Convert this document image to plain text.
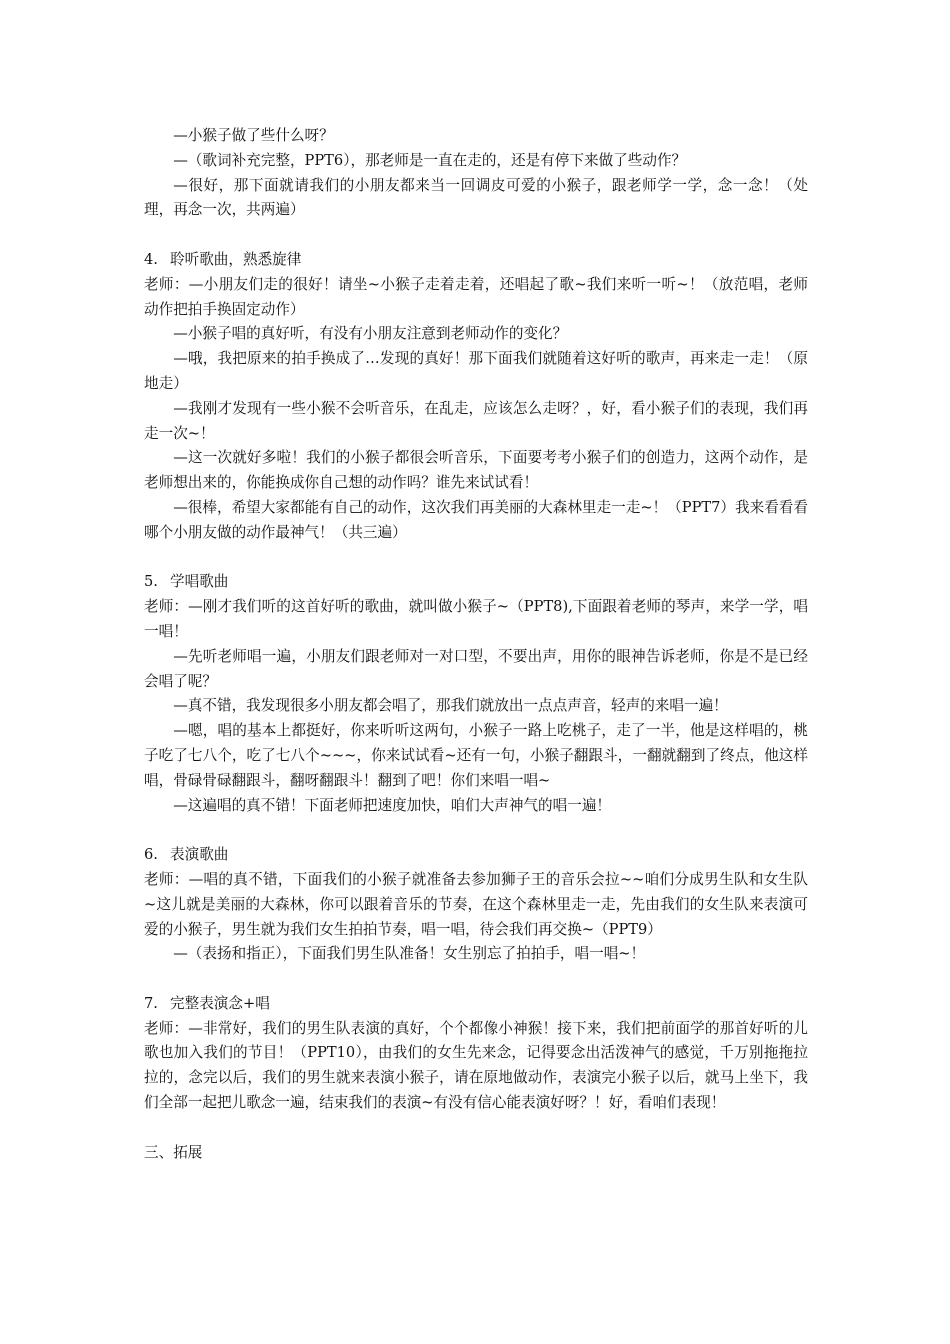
—小猴子做了些什么呀？

—（歌词补充完整，PPT6），那老师是一直在走的，还是有停下来做了些动作？

—很好，那下面就请我们的小朋友都来当一回调皮可爱的小猴子，跟老师学一学，念一念！（处理，再念一次，共两遍）

4. 聆听歌曲，熟悉旋律

老师：—小朋友们走的很好！请坐~小猴子走着走着，还唱起了歌~我们来听一听~！（放范唱，老师动作把拍手换固定动作）

—小猴子唱的真好听，有没有小朋友注意到老师动作的变化？

—哦，我把原来的拍手换成了…发现的真好！那下面我们就随着这好听的歌声，再来走一走！（原地走）

—我刚才发现有一些小猴不会听音乐，在乱走，应该怎么走呀？，好，看小猴子们的表现，我们再走一次~！

—这一次就好多啦！我们的小猴子都很会听音乐，下面要考考小猴子们的创造力，这两个动作，是老师想出来的，你能换成你自己想的动作吗？谁先来试试看！

—很棒，希望大家都能有自己的动作，这次我们再美丽的大森林里走一走~！（PPT7）我来看看看哪个小朋友做的动作最神气！（共三遍）

5. 学唱歌曲

老师：—刚才我们听的这首好听的歌曲，就叫做小猴子~（PPT8),下面跟着老师的琴声，来学一学，唱一唱！

—先听老师唱一遍，小朋友们跟老师对一对口型，不要出声，用你的眼神告诉老师，你是不是已经会唱了呢？

—真不错，我发现很多小朋友都会唱了，那我们就放出一点点声音，轻声的来唱一遍！

—嗯，唱的基本上都挺好，你来听听这两句，小猴子一路上吃桃子，走了一半，他是这样唱的，桃子吃了七八个，吃了七八个~~~，你来试试看~还有一句，小猴子翻跟斗，一翻就翻到了终点，他这样唱，骨碌骨碌翻跟斗，翻呀翻跟斗！翻到了吧！你们来唱一唱~

—这遍唱的真不错！下面老师把速度加快，咱们大声神气的唱一遍！

6. 表演歌曲

老师：—唱的真不错，下面我们的小猴子就准备去参加狮子王的音乐会拉~~咱们分成男生队和女生队~这儿就是美丽的大森林，你可以跟着音乐的节奏，在这个森林里走一走，先由我们的女生队来表演可爱的小猴子，男生就为我们女生拍拍节奏，唱一唱，待会我们再交换~（PPT9）

—（表扬和指正），下面我们男生队准备！女生别忘了拍拍手，唱一唱~！

7. 完整表演念+唱

老师：—非常好，我们的男生队表演的真好，个个都像小神猴！接下来，我们把前面学的那首好听的儿歌也加入我们的节目！（PPT10），由我们的女生先来念，记得要念出活泼神气的感觉，千万别拖拖拉拉的，念完以后，我们的男生就来表演小猴子，请在原地做动作，表演完小猴子以后，就马上坐下，我们全部一起把儿歌念一遍，结束我们的表演~有没有信心能表演好呀？！好，看咱们表现！

三、拓展
